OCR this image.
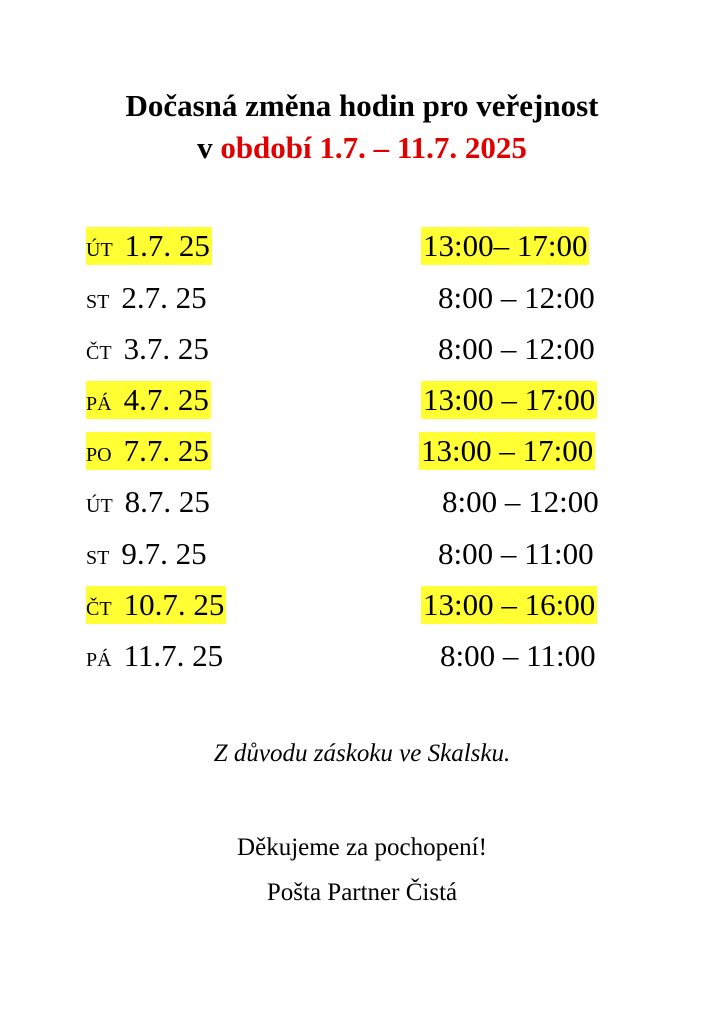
Dočasná změna hodin pro veřejnost
v období 1.7. – 11.7. 2025
ÚT 1.7. 25	13:00– 17:00
ST 2.7. 25	8:00 – 12:00
ČT 3.7. 25	8:00 – 12:00
PÁ 4.7. 25	13:00 – 17:00
PO 7.7. 25	13:00 – 17:00
ÚT 8.7. 25	8:00 – 12:00
ST 9.7. 25	8:00 – 11:00
ČT 10.7. 25	13:00 – 16:00
PÁ 11.7. 25	8:00 – 11:00
Z důvodu záskoku ve Skalsku.
Děkujeme za pochopení!
Pošta Partner Čistá
